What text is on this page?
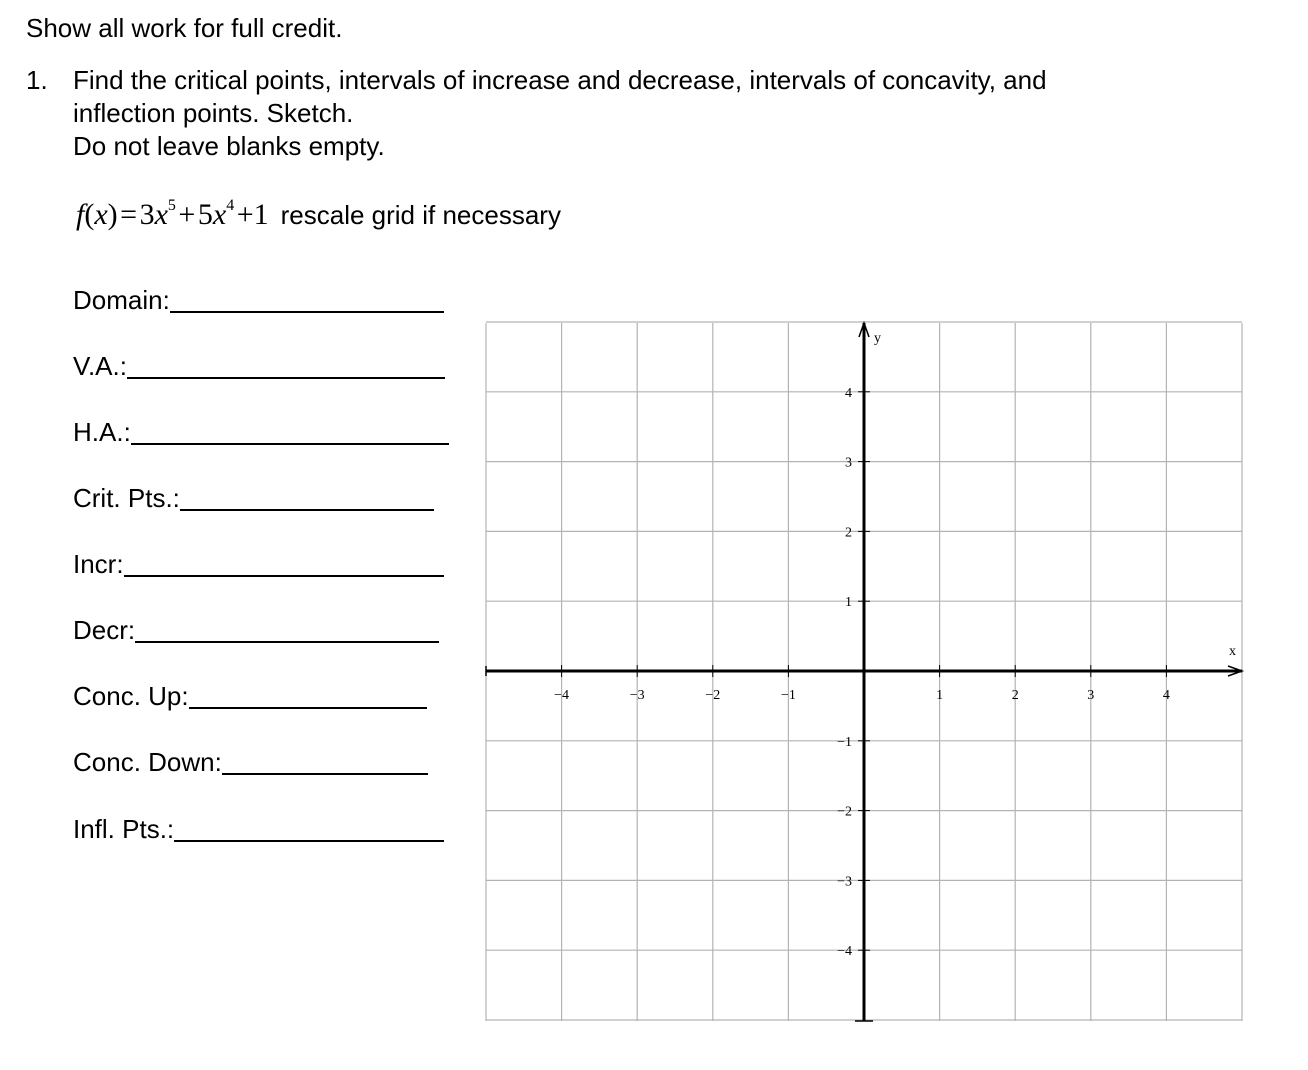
Show all work for full credit.

1. Find the critical points, intervals of increase and decrease, intervals of concavity, and
inflection points. Sketch.
Do not leave blanks empty.
f(x) = $3x^5$ + $5x^4$ +1 rescale grid if necessary
Domain:
V.A.:
H.A.:
Crit. Pts.:
Incr:
Decr:
Conc. Up:
Conc. Down:
Infl. Pts.:
−4	−3	−2	−1	1	2	3	4
4
3
2
1
−1
−2
−3
−4
x
y
